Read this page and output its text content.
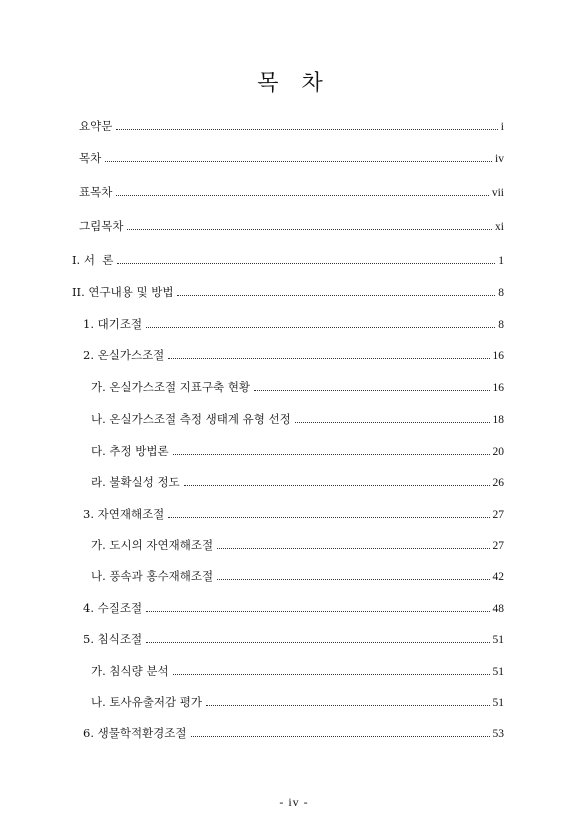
목 차
요약문	i
목차	iv
표목차	vii
그림목차	xi
I. 서  론	1
II. 연구내용 및 방법	8
1. 대기조절	8
2. 온실가스조절	16
가. 온실가스조절 지표구축 현황	16
나. 온실가스조절 측정 생태계 유형 선정	18
다. 추정 방법론	20
라. 불확실성 정도	26
3. 자연재해조절	27
가. 도시의 자연재해조절	27
나. 풍속과 홍수재해조절	42
4. 수질조절	48
5. 침식조절	51
가. 침식량 분석	51
나. 토사유출저감 평가	51
6. 생물학적환경조절	53
- iv -
